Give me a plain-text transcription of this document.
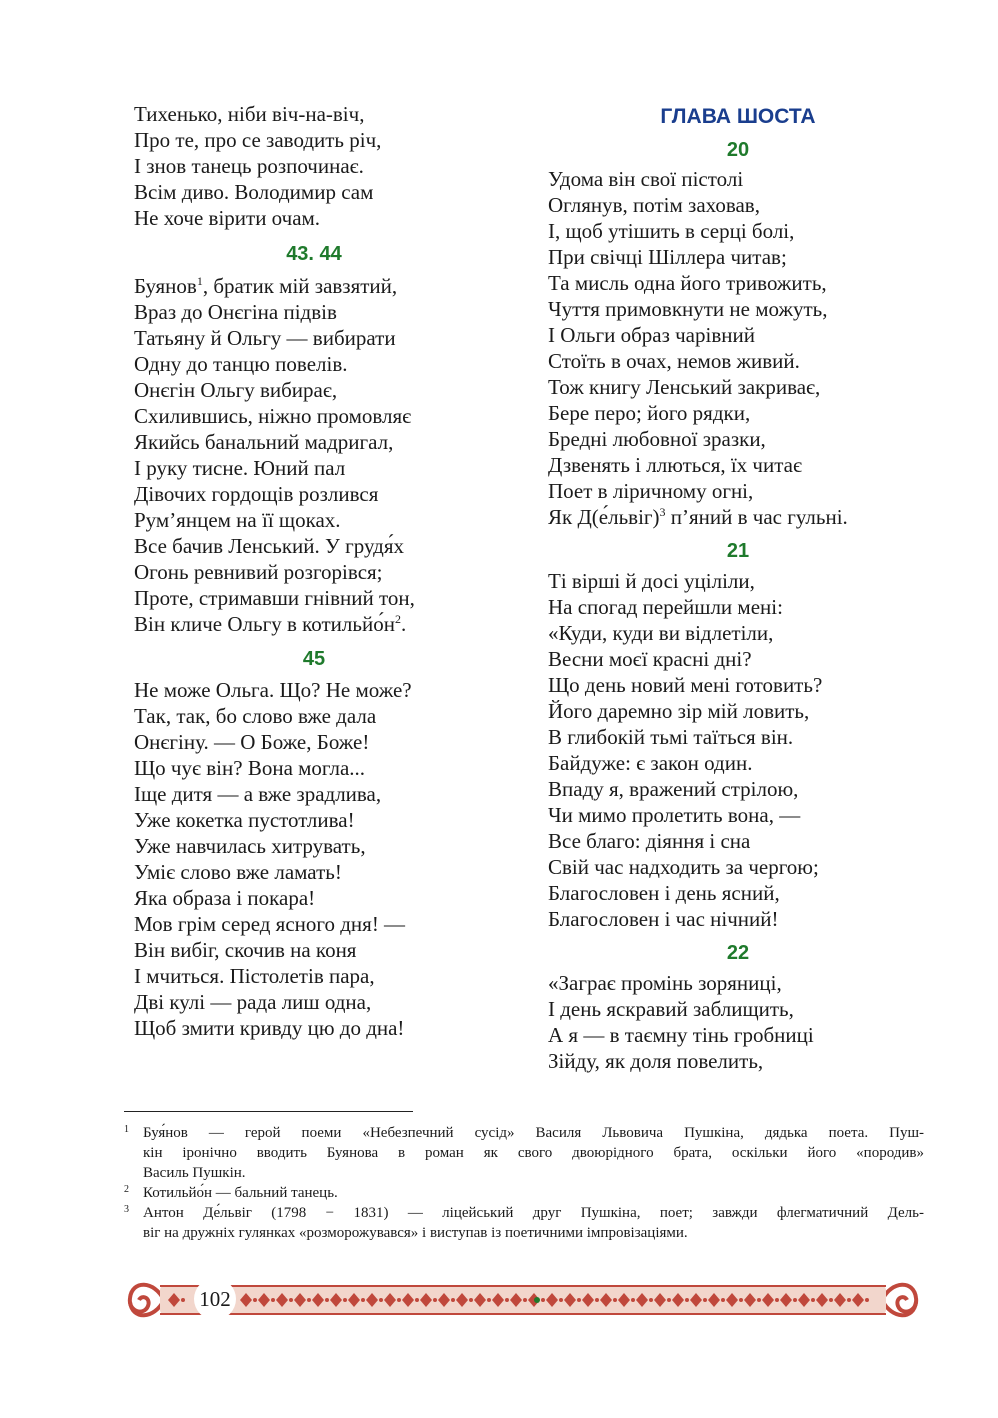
Тихенько, ніби віч-на-віч,
Про те, про се заводить річ,
І знов танець розпочинає.
Всім диво. Володимир сам
Не хоче вірити очам.
43. 44
Буянов$^1$, братик мій завзятий,
Враз до Онєгіна підвів
Татьяну й Ольгу — вибирати
Одну до танцю повелів.
Онєгін Ольгу вибирає,
Схилившись, ніжно промовляє
Якийсь банальний мадригал,
І руку тисне. Юний пал
Дівочих гордощів розлився
Рум’янцем на її щоках.
Все бачив Ленський. У грудя́х
Огонь ревнивий розгорівся;
Проте, стримавши гнівний тон,
Він кличе Ольгу в $котильйо́н^2$.
45
Не може Ольга. Що? Не може?
Так, так, бо слово вже дала
Онєгіну. — О Боже, Боже!
Що чує він? Вона могла...
Іще дитя — а вже зрадлива,
Уже кокетка пустотлива!
Уже навчилась хитрувать,
Уміє слово вже ламать!
Яка образа і покара!
Мов грім серед ясного дня! —
Він вибіг, скочив на коня
І мчиться. Пістолетів пара,
Дві кулі — рада лиш одна,
Щоб змити кривду цю до дна!
ГЛАВА ШОСТА
20
Удома він свої пістолі
Оглянув, потім заховав,
І, щоб утішить в серці болі,
При свічці Шіллера читав;
Та мисль одна його тривожить,
Чуття примовкнути не можуть,
І Ольги образ чарівний
Стоїть в очах, немов живий.
Тож книгу Ленський закриває,
Бере перо; його рядки,
Бредні любовної зразки,
Дзвенять і ллються, їх читає
Поет в ліричному огні,
Як Д(е́львіг)$^3$ п’яний в час гульні.
21
Ті вірші й досі уціліли,
На спогад перейшли мені:
«Куди, куди ви відлетіли,
Весни моєї красні дні?
Що день новий мені готовить?
Його даремно зір мій ловить,
В глибокій тьмі таїться він.
Байдуже: є закон один.
Впаду я, вражений стрілою,
Чи мимо пролетить вона, —
Все благо: діяння і сна
Свій час надходить за чергою;
Благословен і день ясний,
Благословен і час нічний!
22
«Заграє промінь зоряниці,
І день яскравий заблищить,
А я — в таємну тінь гробниці
Зійду, як доля повелить,
1 Буя́нов — герой поеми «Небезпечний сусід» Василя Львовича Пушкіна, дядька поета. Пуш-
кін іронічно вводить Буянова в роман як свого двоюрідного брата, оскільки його «породив»
Василь Пушкін.
2 Котильйо́н — бальний танець.
3 Антон Де́львіг (1798 − 1831) — ліцейський друг Пушкіна, поет; завжди флегматичний Дель-
віг на дружніх гулянках «розморожувався» і виступав із поетичними імпровізаціями.
102
